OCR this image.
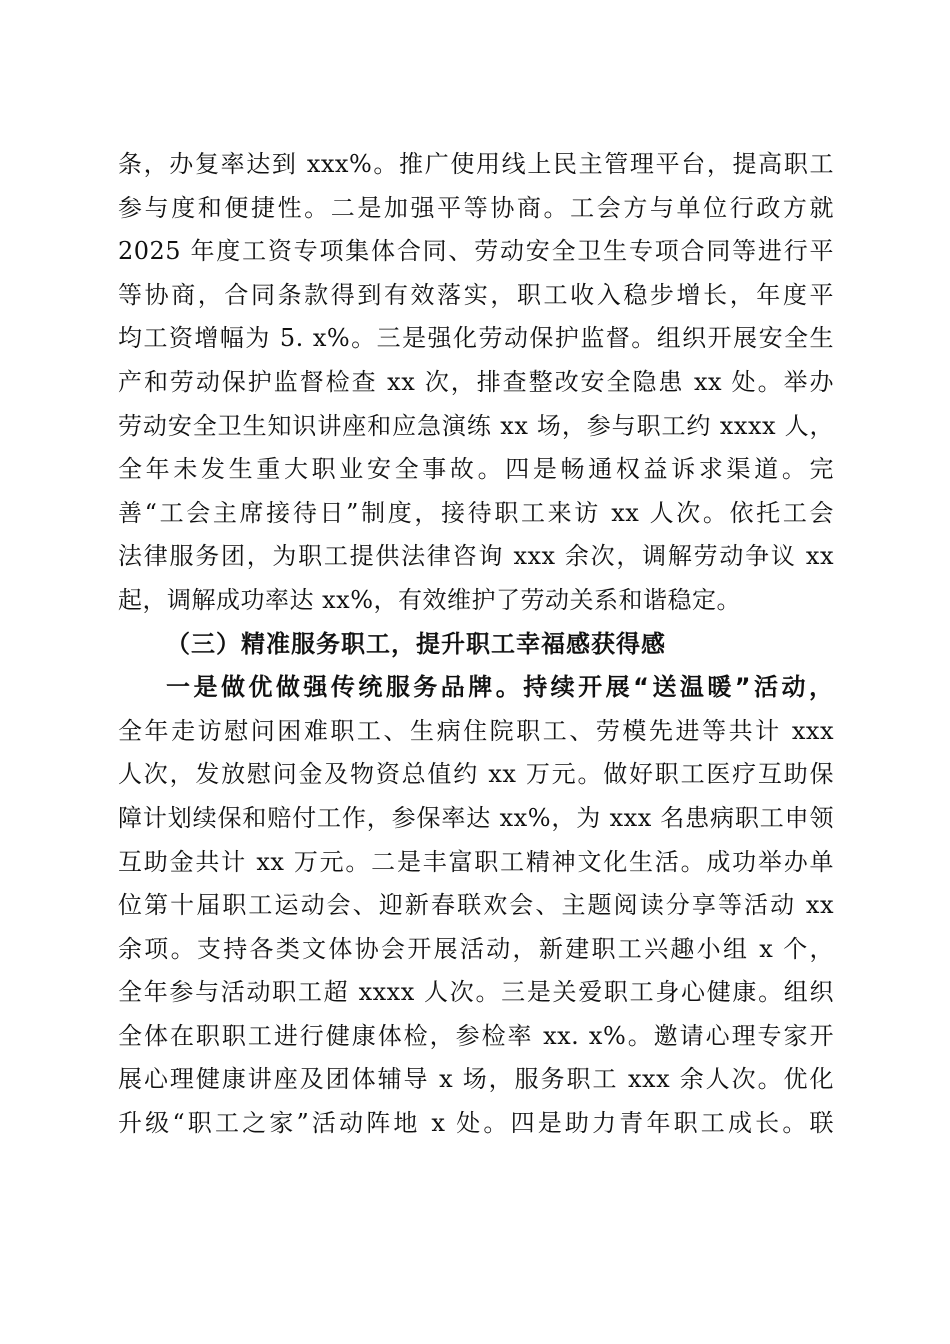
条，办复率达到 xxx%。推广使用线上民主管理平台，提高职工
参与度和便捷性。二是加强平等协商。工会方与单位行政方就
2025 年度工资专项集体合同、劳动安全卫生专项合同等进行平
等协商，合同条款得到有效落实，职工收入稳步增长，年度平
均工资增幅为 5. x%。三是强化劳动保护监督。组织开展安全生
产和劳动保护监督检查 xx 次，排查整改安全隐患 xx 处。举办
劳动安全卫生知识讲座和应急演练 xx 场，参与职工约 xxxx 人，
全年未发生重大职业安全事故。四是畅通权益诉求渠道。完
善“工会主席接待日”制度，接待职工来访 xx 人次。依托工会
法律服务团，为职工提供法律咨询 xxx 余次，调解劳动争议 xx
起，调解成功率达 xx%，有效维护了劳动关系和谐稳定。
（三）精准服务职工，提升职工幸福感获得感
一是做优做强传统服务品牌。持续开展“送温暖”活动，
全年走访慰问困难职工、生病住院职工、劳模先进等共计 xxx
人次，发放慰问金及物资总值约 xx 万元。做好职工医疗互助保
障计划续保和赔付工作，参保率达 xx%，为 xxx 名患病职工申领
互助金共计 xx 万元。二是丰富职工精神文化生活。成功举办单
位第十届职工运动会、迎新春联欢会、主题阅读分享等活动 xx
余项。支持各类文体协会开展活动，新建职工兴趣小组 x 个，
全年参与活动职工超 xxxx 人次。三是关爱职工身心健康。组织
全体在职职工进行健康体检，参检率 xx. x%。邀请心理专家开
展心理健康讲座及团体辅导 x 场，服务职工 xxx 余人次。优化
升级“职工之家”活动阵地 x 处。四是助力青年职工成长。联
